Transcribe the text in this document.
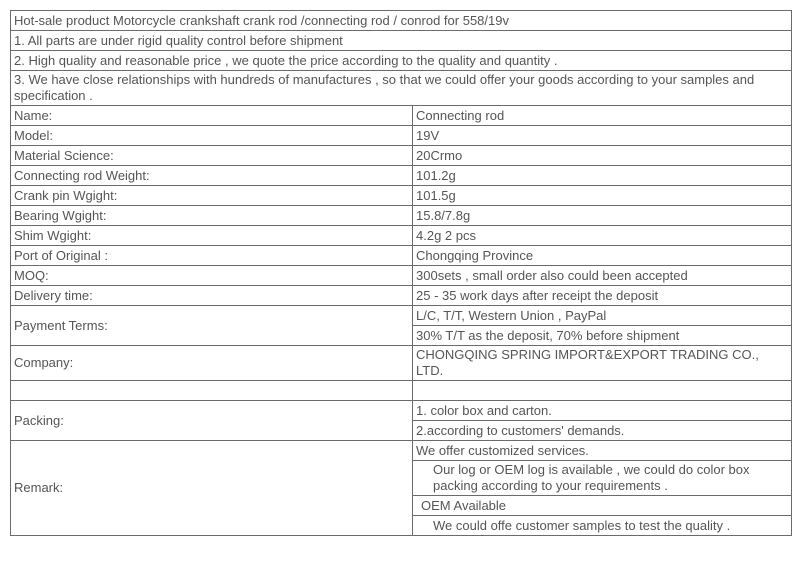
Hot-sale product Motorcycle crankshaft crank rod /connecting rod / conrod for 558/19v	
1. All parts are under rigid quality control before shipment	
2. High quality and reasonable price , we quote the price according to the quality and quantity .	
3. We have close relationships with hundreds of manufactures , so that we could offer your goods according to your samples and specification .	
Name:	Connecting rod
Model:	19V
Material Science:	20Crmo
Connecting rod Weight:	101.2g
Crank pin Wgight:	101.5g
Bearing Wgight:	15.8/7.8g
Shim Wgight:	4.2g 2 pcs
Port of Original :	Chongqing Province
MOQ:	300sets , small order also could been accepted
Delivery time:	25 - 35 work days after receipt the deposit
Payment Terms:	L/C, T/T, Western Union , PayPal
	30% T/T as the deposit, 70% before shipment
Company:	CHONGQING SPRING IMPORT&EXPORT TRADING CO., LTD.

Packing:	1. color box and carton.
	2.according to customers' demands.
Remark:	We offer customized services.
	Our log or OEM log is available , we could do color box packing according to your requirements .
	OEM Available
	We could offe customer samples to test the quality .
